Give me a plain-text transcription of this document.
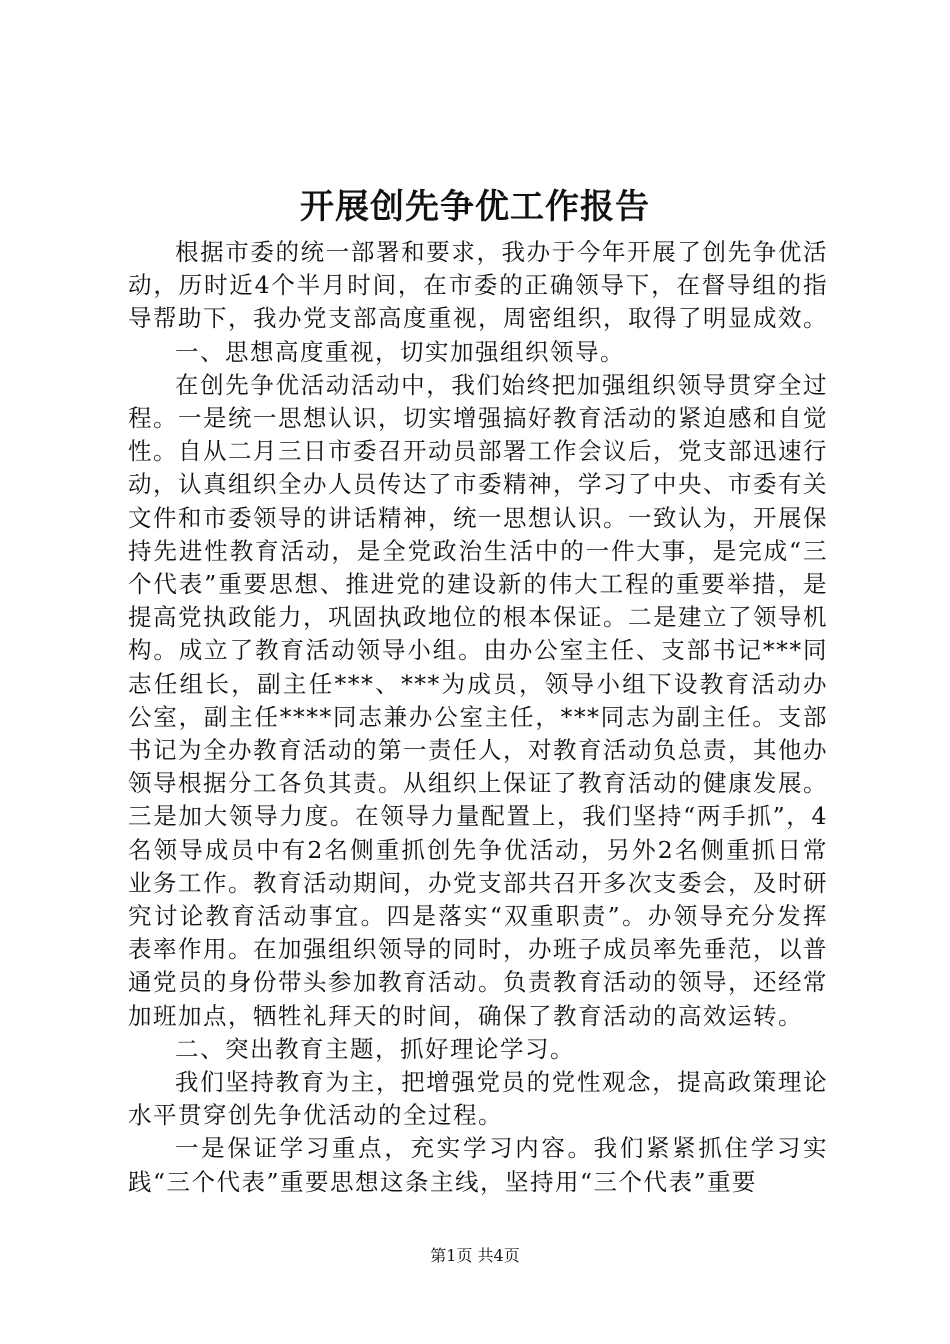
开展创先争优工作报告

根据市委的统一部署和要求，我办于今年开展了创先争优活动，历时近4个半月时间，在市委的正确领导下，在督导组的指导帮助下，我办党支部高度重视，周密组织，取得了明显成效。

一、思想高度重视，切实加强组织领导。

在创先争优活动活动中，我们始终把加强组织领导贯穿全过程。一是统一思想认识，切实增强搞好教育活动的紧迫感和自觉性。自从二月三日市委召开动员部署工作会议后，党支部迅速行动，认真组织全办人员传达了市委精神，学习了中央、市委有关文件和市委领导的讲话精神，统一思想认识。一致认为，开展保持先进性教育活动，是全党政治生活中的一件大事，是完成“三个代表”重要思想、推进党的建设新的伟大工程的重要举措，是提高党执政能力，巩固执政地位的根本保证。二是建立了领导机构。成立了教育活动领导小组。由办公室主任、支部书记***同志任组长，副主任***、***为成员，领导小组下设教育活动办公室，副主任****同志兼办公室主任，***同志为副主任。支部书记为全办教育活动的第一责任人，对教育活动负总责，其他办领导根据分工各负其责。从组织上保证了教育活动的健康发展。三是加大领导力度。在领导力量配置上，我们坚持“两手抓”，4名领导成员中有2名侧重抓创先争优活动，另外2名侧重抓日常业务工作。教育活动期间，办党支部共召开多次支委会，及时研究讨论教育活动事宜。四是落实“双重职责”。办领导充分发挥表率作用。在加强组织领导的同时，办班子成员率先垂范，以普通党员的身份带头参加教育活动。负责教育活动的领导，还经常加班加点，牺牲礼拜天的时间，确保了教育活动的高效运转。

二、突出教育主题，抓好理论学习。

我们坚持教育为主，把增强党员的党性观念，提高政策理论水平贯穿创先争优活动的全过程。

一是保证学习重点，充实学习内容。我们紧紧抓住学习实践“三个代表”重要思想这条主线，坚持用“三个代表”重要

第1页 共4页
